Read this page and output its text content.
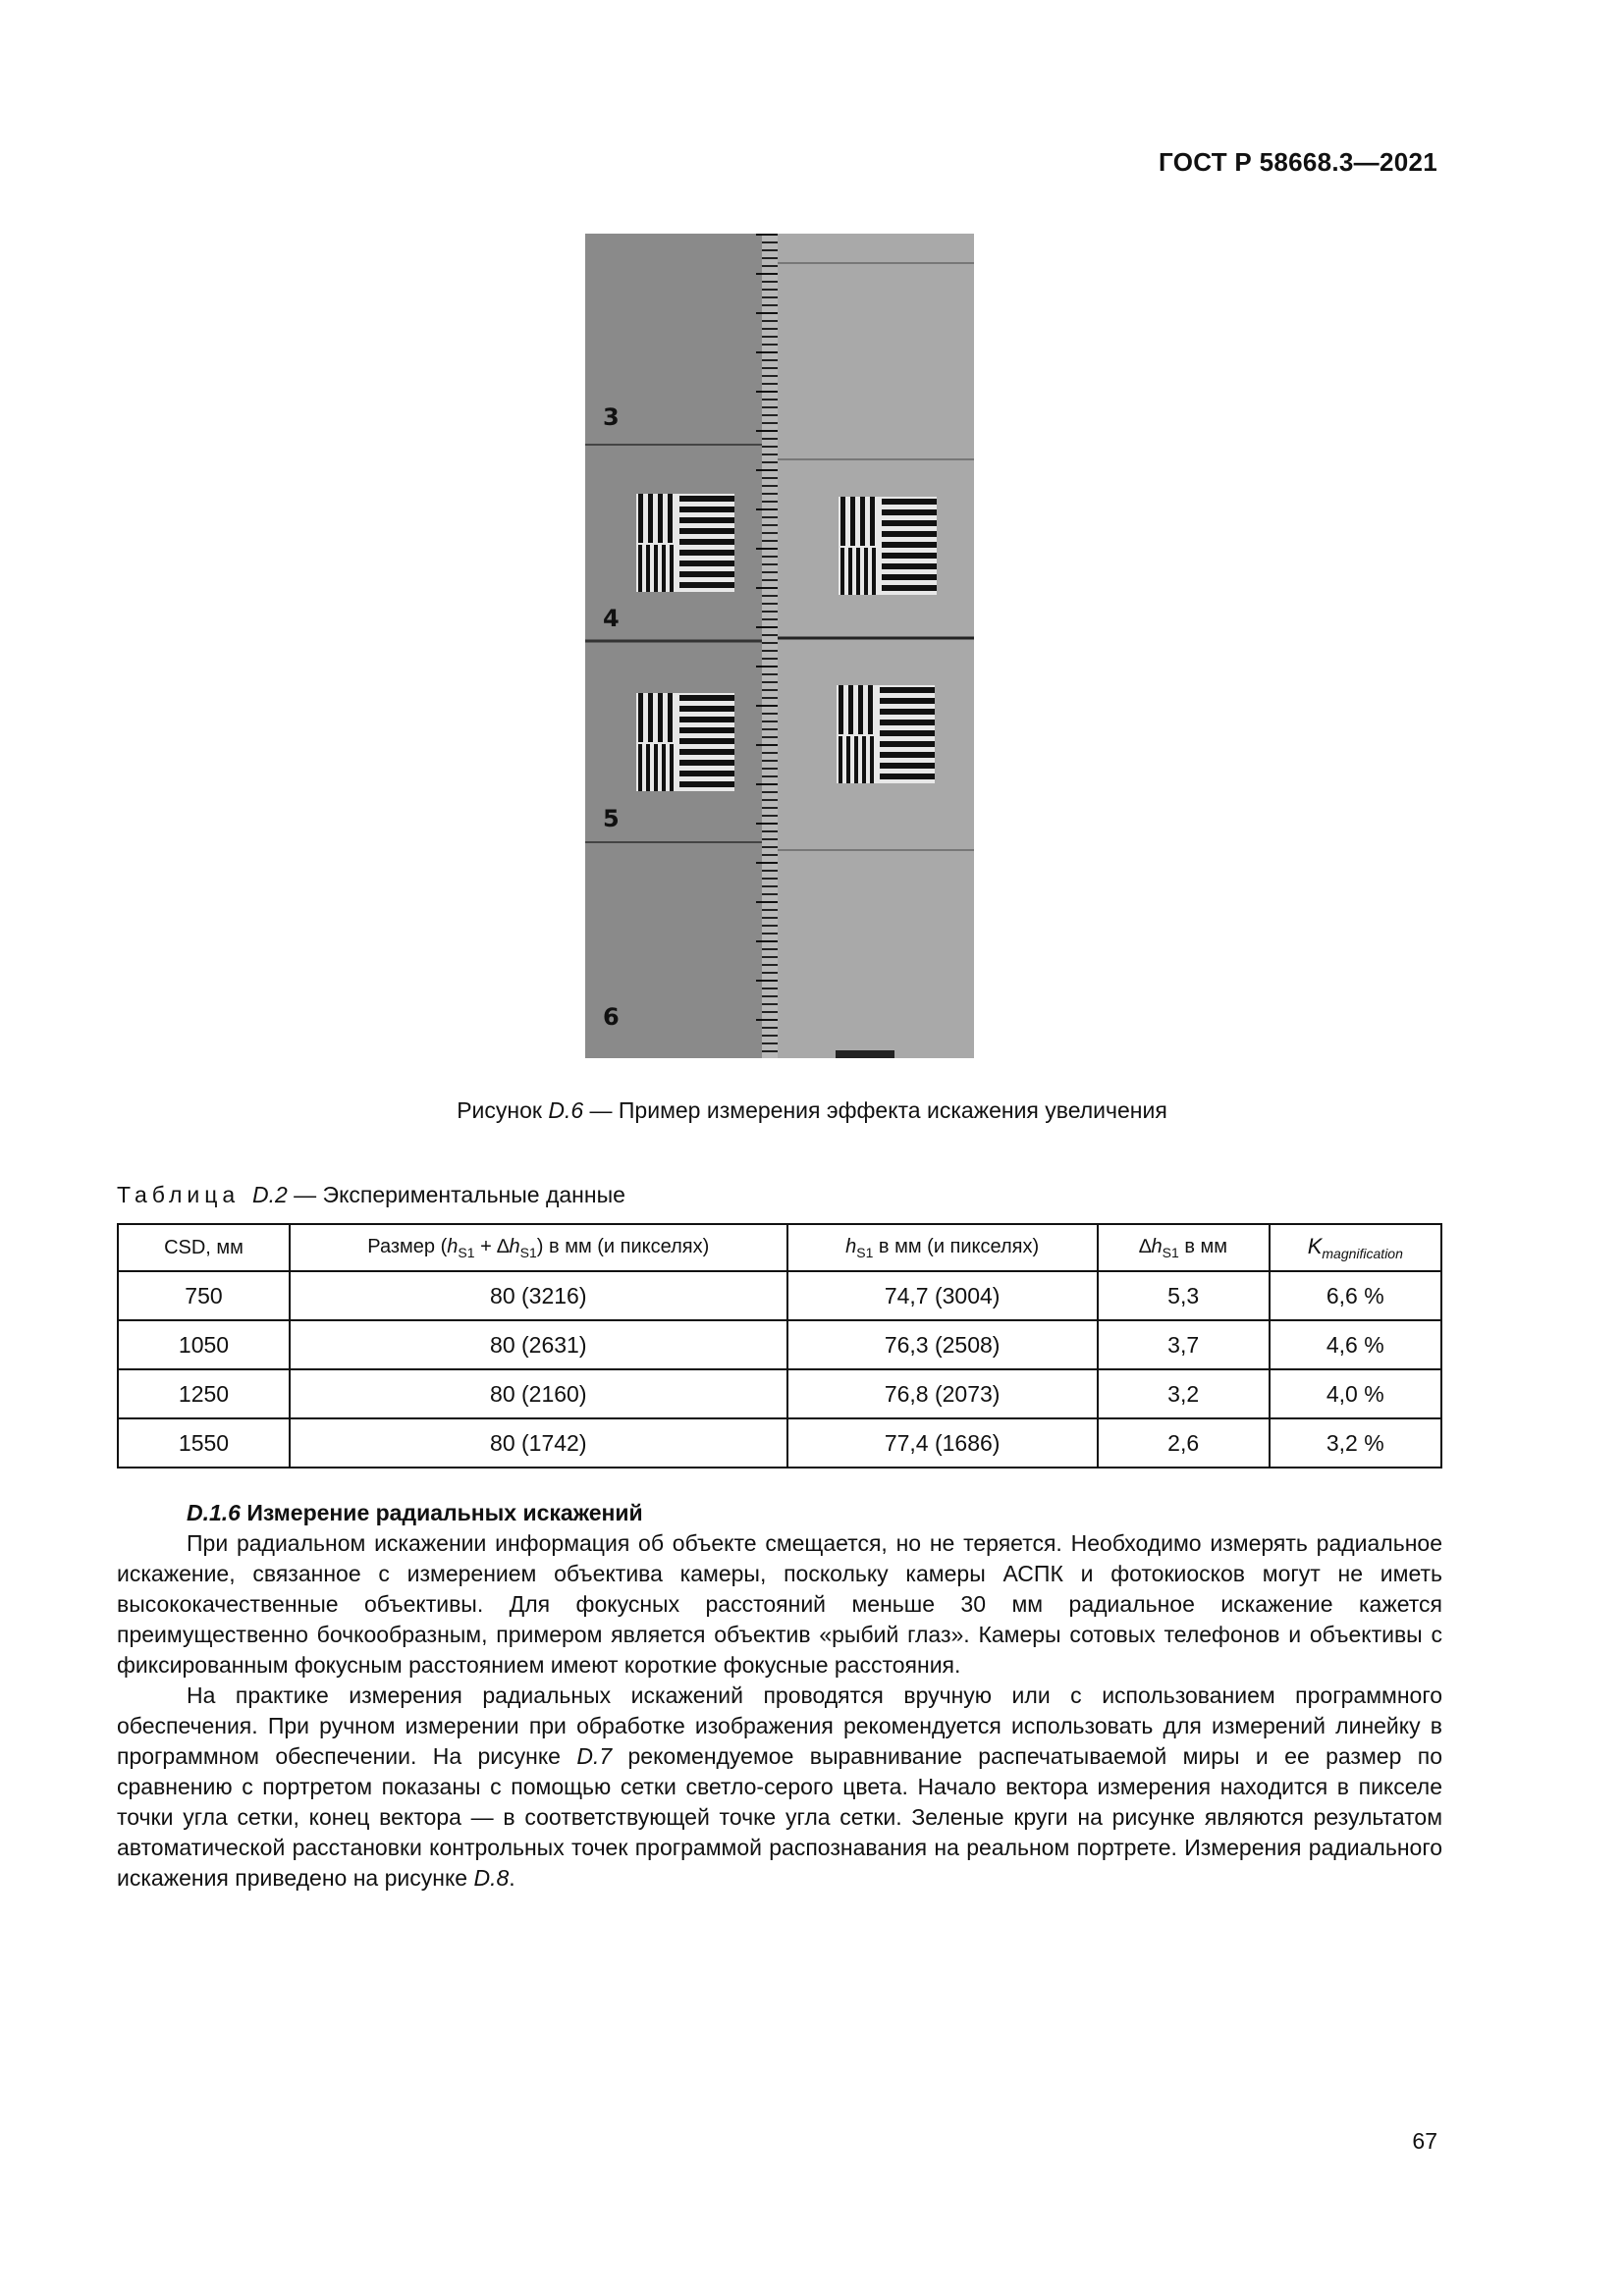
ГОСТ Р 58668.3—2021
3
4
5
6
Рисунок D.6 — Пример измерения эффекта искажения увеличения
Таблица D.2 — Экспериментальные данные
CSD, мм	Размер $(h_{S1} + \Delta h_{S1})$ в мм (и пикселях)	$h_{S1}$ в мм (и пикселях)	$\Delta h_{S1}$ в мм	$K_{magnification}$
750	80 (3216)	74,7 (3004)	5,3	6,6 %
1050	80 (2631)	76,3 (2508)	3,7	4,6 %
1250	80 (2160)	76,8 (2073)	3,2	4,0 %
1550	80 (1742)	77,4 (1686)	2,6	3,2 %

D.1.6 Измерение радиальных искажений

При радиальном искажении информация об объекте смещается, но не теряется. Необходимо измерять радиальное искажение, связанное с измерением объектива камеры, поскольку камеры АСПК и фотокиосков могут не иметь высококачественные объективы. Для фокусных расстояний меньше 30 мм радиальное искажение кажется преимущественно бочкообразным, примером является объектив «рыбий глаз». Камеры сотовых телефонов и объективы с фиксированным фокусным расстоянием имеют короткие фокусные расстояния.

На практике измерения радиальных искажений проводятся вручную или с использованием программного обеспечения. При ручном измерении при обработке изображения рекомендуется использовать для измерений линейку в программном обеспечении. На рисунке D.7 рекомендуемое выравнивание распечатываемой миры и ее размер по сравнению с портретом показаны с помощью сетки светло-серого цвета. Начало вектора измерения находится в пикселе точки угла сетки, конец вектора — в соответствующей точке угла сетки. Зеленые круги на рисунке являются результатом автоматической расстановки контрольных точек программой распознавания на реальном портрете. Измерения радиального искажения приведено на рисунке D.8.

67
